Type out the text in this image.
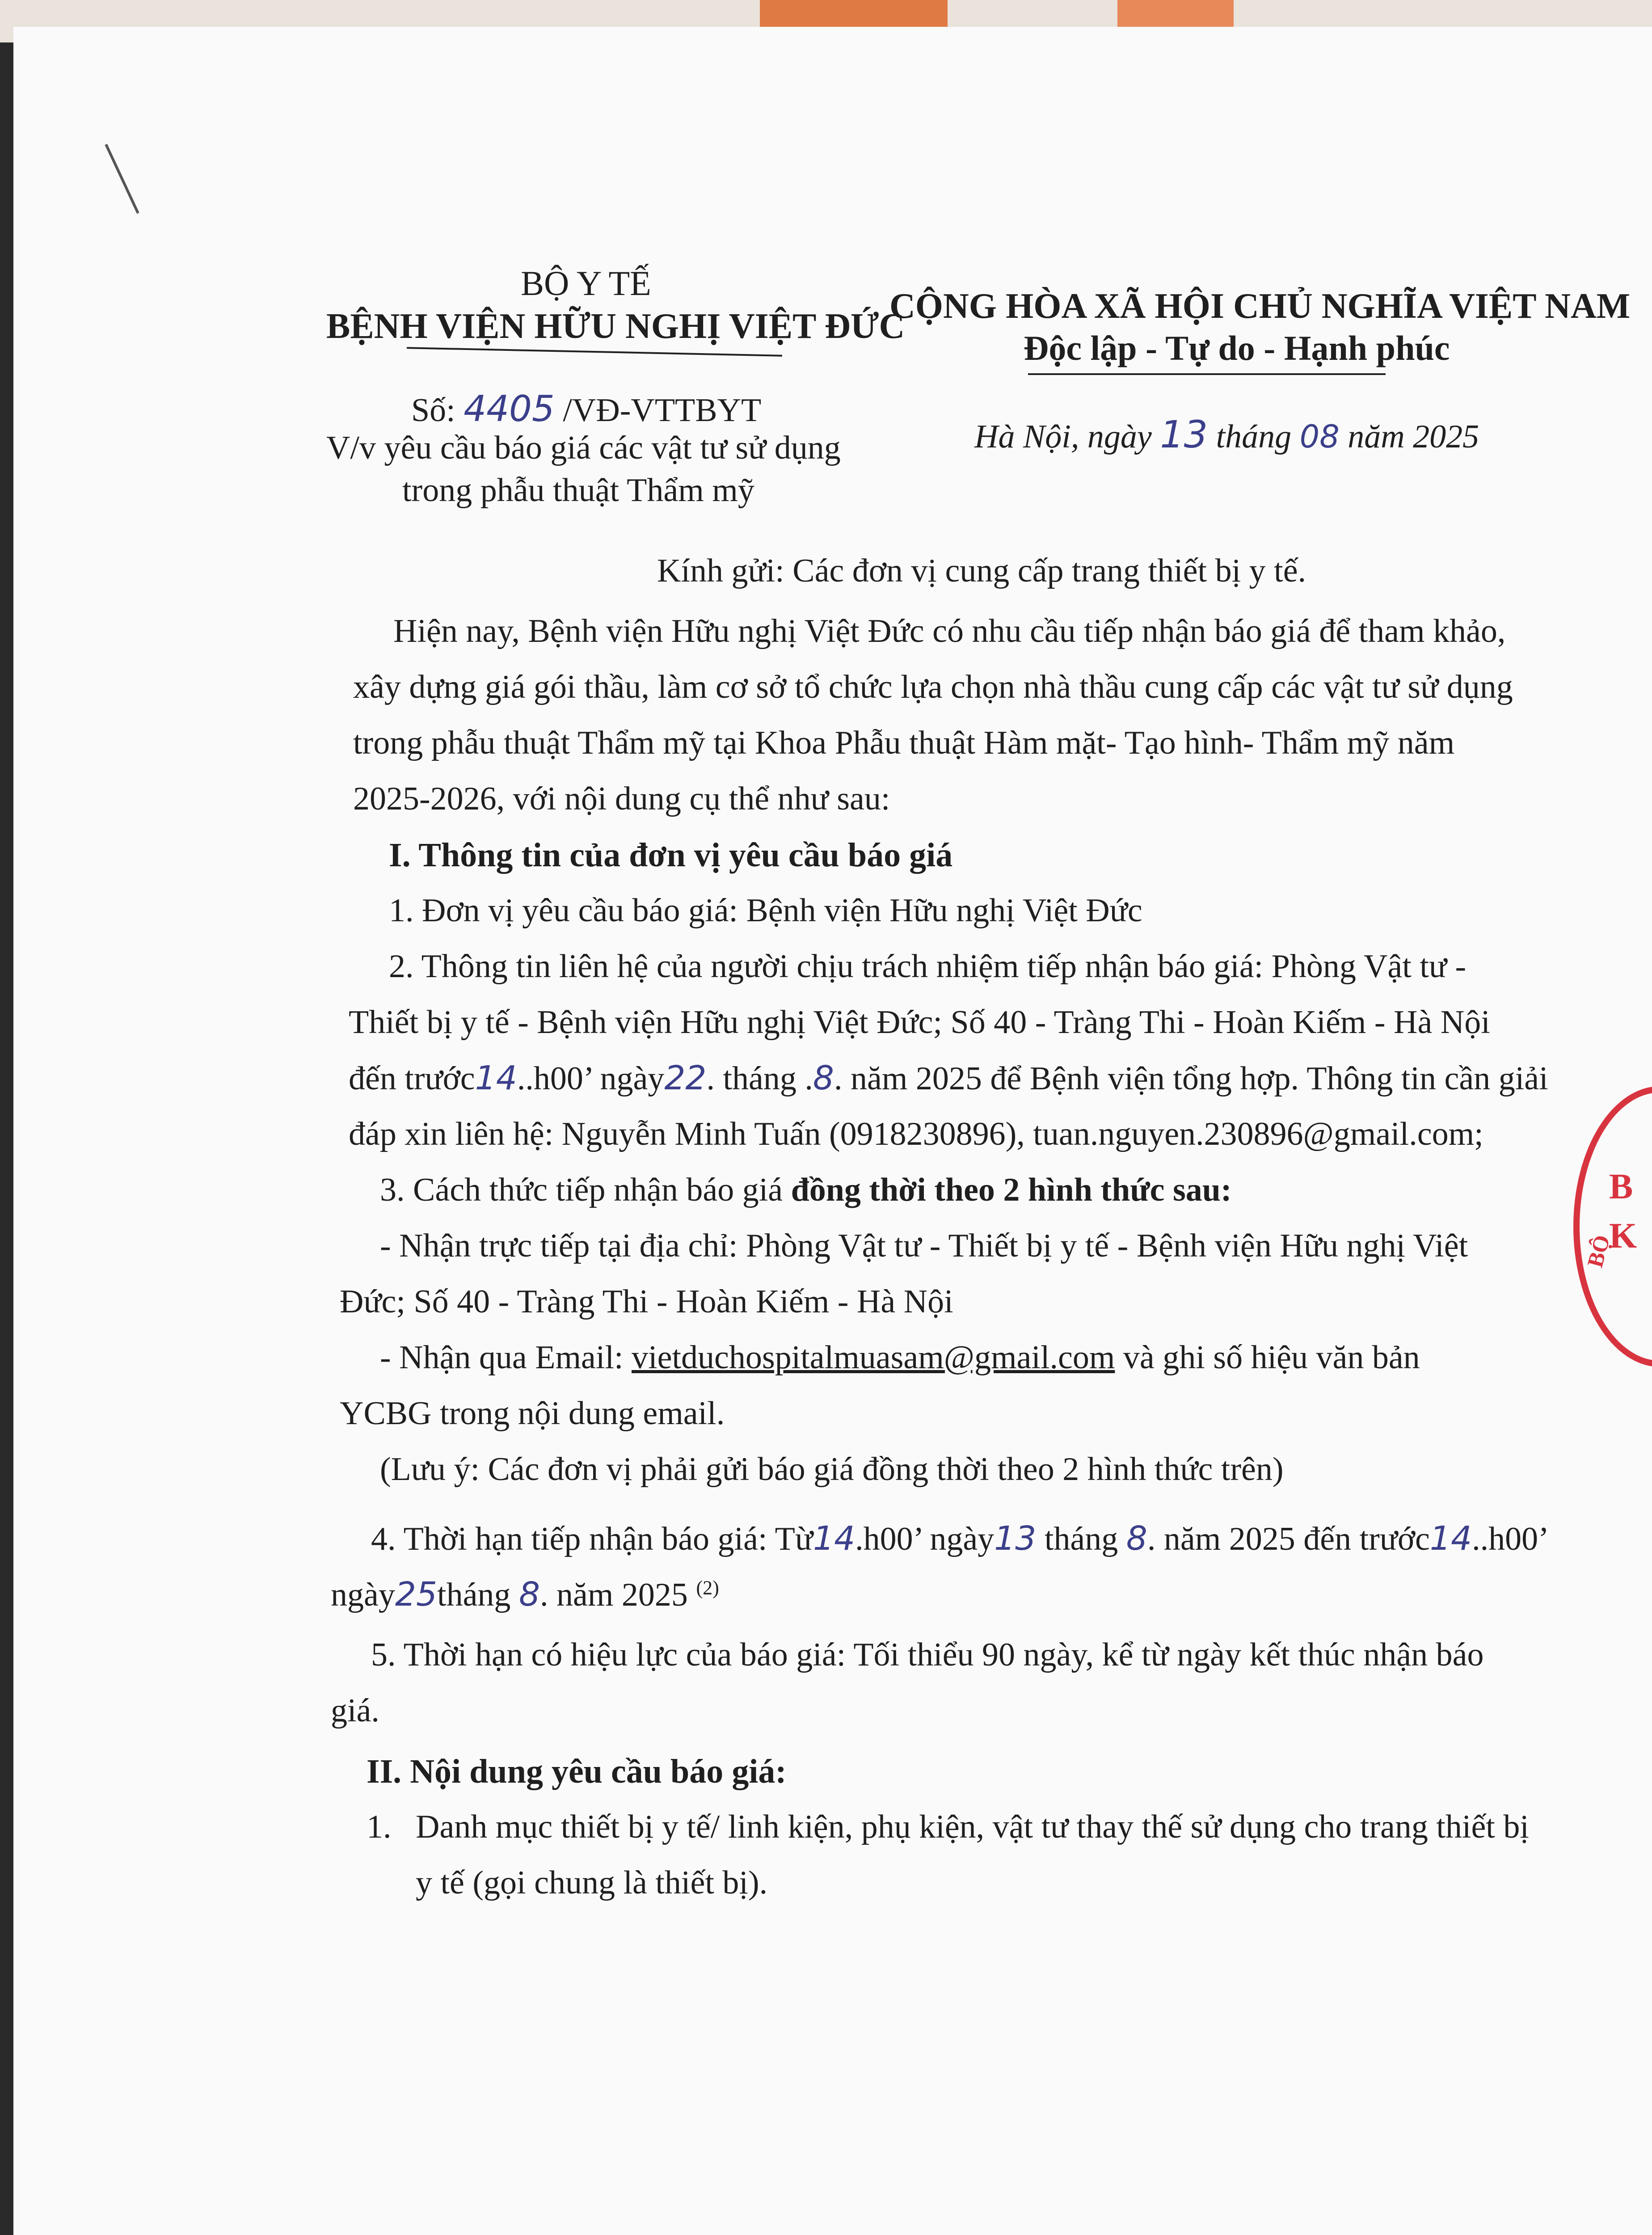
BỘ Y TẾ
BỆNH VIỆN HỮU NGHỊ VIỆT ĐỨC
CỘNG HÒA XÃ HỘI CHỦ NGHĨA VIỆT NAM
Độc lập - Tự do - Hạnh phúc
Số: 4405 /VĐ-VTTBYT
Hà Nội, ngày 13 tháng 08 năm 2025
V/v yêu cầu báo giá các vật tư sử dụng
trong phẫu thuật Thẩm mỹ
Kính gửi: Các đơn vị cung cấp trang thiết bị y tế.
Hiện nay, Bệnh viện Hữu nghị Việt Đức có nhu cầu tiếp nhận báo giá để tham khảo,
xây dựng giá gói thầu, làm cơ sở tổ chức lựa chọn nhà thầu cung cấp các vật tư sử dụng
trong phẫu thuật Thẩm mỹ tại Khoa Phẫu thuật Hàm mặt- Tạo hình- Thẩm mỹ năm
2025-2026, với nội dung cụ thể như sau:
I. Thông tin của đơn vị yêu cầu báo giá
1. Đơn vị yêu cầu báo giá: Bệnh viện Hữu nghị Việt Đức
2. Thông tin liên hệ của người chịu trách nhiệm tiếp nhận báo giá: Phòng Vật tư -
Thiết bị y tế - Bệnh viện Hữu nghị Việt Đức; Số 40 - Tràng Thi - Hoàn Kiếm - Hà Nội
đến trước14..h00’ ngày22. tháng .8. năm 2025 để Bệnh viện tổng hợp. Thông tin cần giải
đáp xin liên hệ: Nguyễn Minh Tuấn (0918230896), tuan.nguyen.230896@gmail.com;
3. Cách thức tiếp nhận báo giá đồng thời theo 2 hình thức sau:
- Nhận trực tiếp tại địa chỉ: Phòng Vật tư - Thiết bị y tế - Bệnh viện Hữu nghị Việt
Đức; Số 40 - Tràng Thi - Hoàn Kiếm - Hà Nội
- Nhận qua Email: vietduchospitalmuasam@gmail.com và ghi số hiệu văn bản
YCBG trong nội dung email.
(Lưu ý: Các đơn vị phải gửi báo giá đồng thời theo 2 hình thức trên)
4. Thời hạn tiếp nhận báo giá: Từ14.h00’ ngày13 tháng 8. năm 2025 đến trước14..h00’
ngày25tháng 8. năm 2025 $^{(2)}$
5. Thời hạn có hiệu lực của báo giá: Tối thiểu 90 ngày, kể từ ngày kết thúc nhận báo
giá.
II. Nội dung yêu cầu báo giá:
1. Danh mục thiết bị y tế/ linh kiện, phụ kiện, vật tư thay thế sử dụng cho trang thiết bị
y tế (gọi chung là thiết bị).
B
K
BỘ
